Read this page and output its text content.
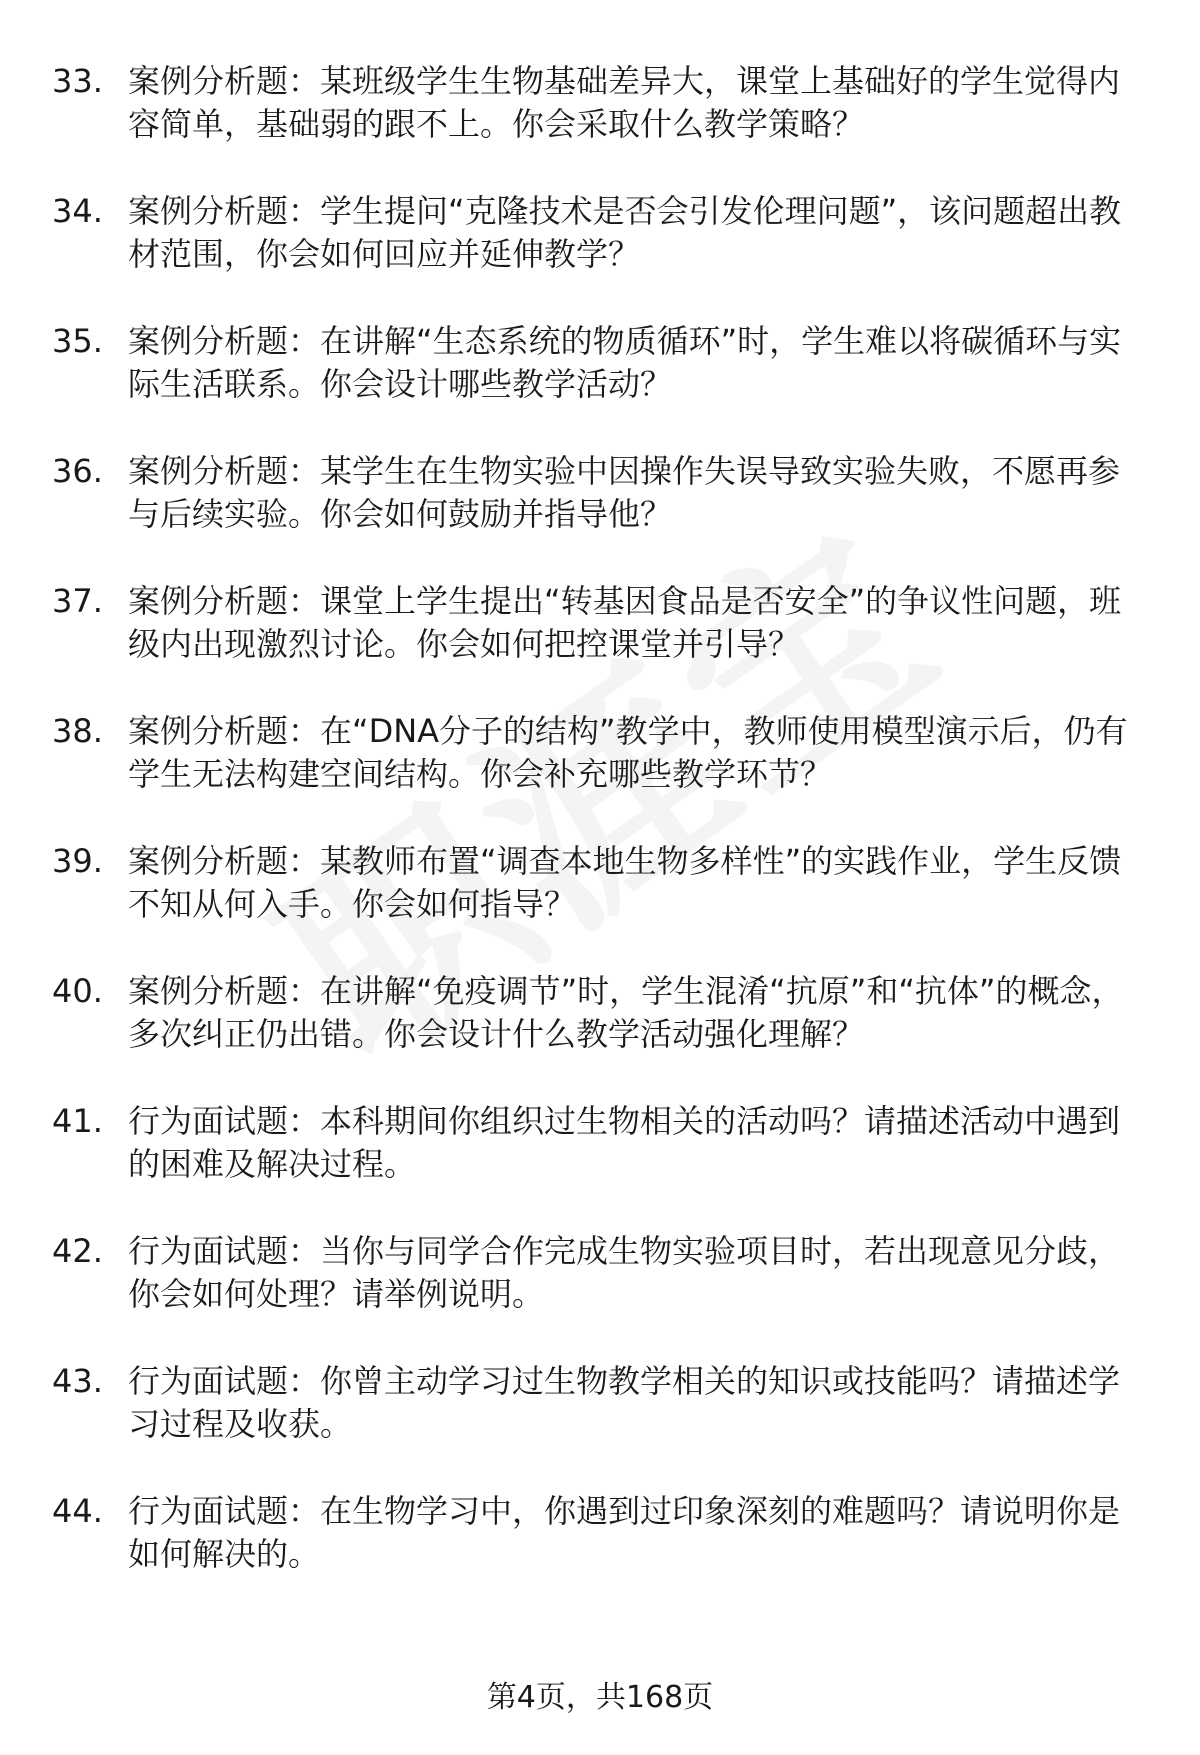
33. 案例分析题：某班级学生生物基础差异大，课堂上基础好的学生觉得内容简单，基础弱的跟不上。你会采取什么教学策略？
34. 案例分析题：学生提问“克隆技术是否会引发伦理问题”，该问题超出教材范围，你会如何回应并延伸教学？
35. 案例分析题：在讲解“生态系统的物质循环”时，学生难以将碳循环与实际生活联系。你会设计哪些教学活动？
36. 案例分析题：某学生在生物实验中因操作失误导致实验失败，不愿再参与后续实验。你会如何鼓励并指导他？
37. 案例分析题：课堂上学生提出“转基因食品是否安全”的争议性问题，班级内出现激烈讨论。你会如何把控课堂并引导？
38. 案例分析题：在“DNA分子的结构”教学中，教师使用模型演示后，仍有学生无法构建空间结构。你会补充哪些教学环节？
39. 案例分析题：某教师布置“调查本地生物多样性”的实践作业，学生反馈不知从何入手。你会如何指导？
40. 案例分析题：在讲解“免疫调节”时，学生混淆“抗原”和“抗体”的概念，多次纠正仍出错。你会设计什么教学活动强化理解？
41. 行为面试题：本科期间你组织过生物相关的活动吗？请描述活动中遇到的困难及解决过程。
42. 行为面试题：当你与同学合作完成生物实验项目时，若出现意见分歧，你会如何处理？请举例说明。
43. 行为面试题：你曾主动学习过生物教学相关的知识或技能吗？请描述学习过程及收获。
44. 行为面试题：在生物学习中，你遇到过印象深刻的难题吗？请说明你是如何解决的。
第4页，共168页
